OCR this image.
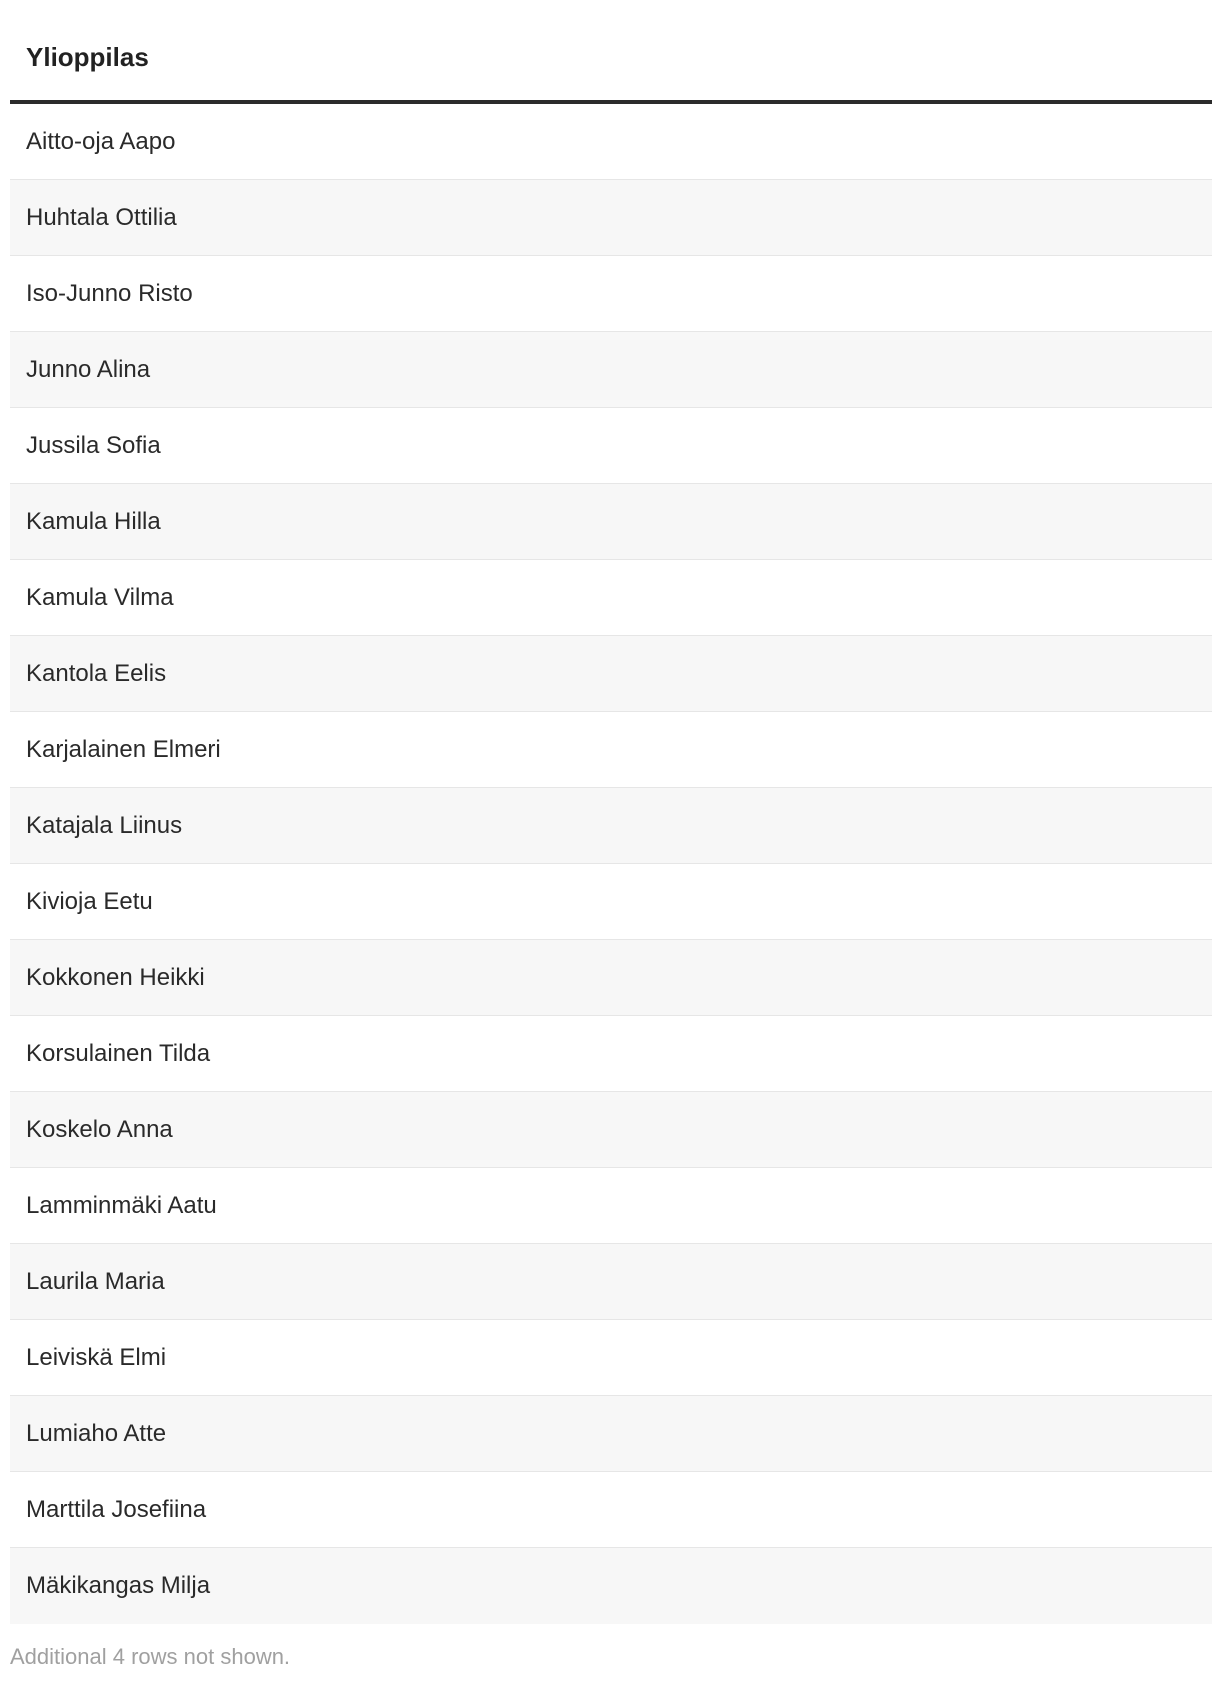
Ylioppilas
Aitto-oja Aapo
Huhtala Ottilia
Iso-Junno Risto
Junno Alina
Jussila Sofia
Kamula Hilla
Kamula Vilma
Kantola Eelis
Karjalainen Elmeri
Katajala Liinus
Kivioja Eetu
Kokkonen Heikki
Korsulainen Tilda
Koskelo Anna
Lamminmäki Aatu
Laurila Maria
Leiviskä Elmi
Lumiaho Atte
Marttila Josefiina
Mäkikangas Milja
Additional 4 rows not shown.
